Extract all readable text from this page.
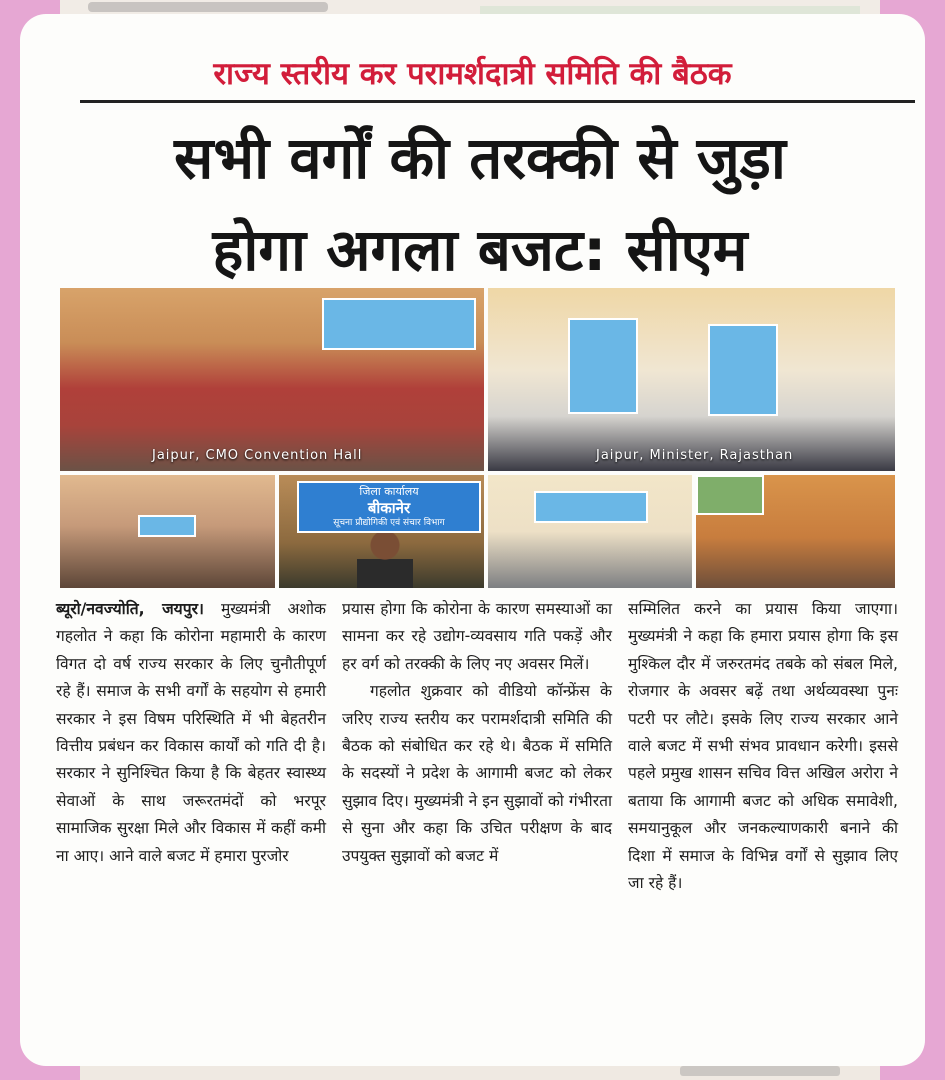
राज्य स्तरीय कर परामर्शदात्री समिति की बैठक
सभी वर्गों की तरक्की से जुड़ा
होगा अगला बजट: सीएम
Jaipur, CMO Convention Hall	Jaipur, Minister, Rajasthan
जिला कार्यालय
बीकानेर
सूचना प्रौद्योगिकी एवं संचार विभाग

ब्यूरो/नवज्योति, जयपुर। मुख्यमंत्री अशोक गहलोत ने कहा कि कोरोना महामारी के कारण विगत दो वर्ष राज्य सरकार के लिए चुनौतीपूर्ण रहे हैं। समाज के सभी वर्गों के सहयोग से हमारी सरकार ने इस विषम परिस्थिति में भी बेहतरीन वित्तीय प्रबंधन कर विकास कार्यों को गति दी है। सरकार ने सुनिश्चित किया है कि बेहतर स्वास्थ्य सेवाओं के साथ जरूरतमंदों को भरपूर सामाजिक सुरक्षा मिले और विकास में कहीं कमी ना आए। आने वाले बजट में हमारा पुरजोर

प्रयास होगा कि कोरोना के कारण समस्याओं का सामना कर रहे उद्योग-व्यवसाय गति पकड़ें और हर वर्ग को तरक्की के लिए नए अवसर मिलें।

गहलोत शुक्रवार को वीडियो कॉन्फ्रेंस के जरिए राज्य स्तरीय कर परामर्शदात्री समिति की बैठक को संबोधित कर रहे थे। बैठक में समिति के सदस्यों ने प्रदेश के आगामी बजट को लेकर सुझाव दिए। मुख्यमंत्री ने इन सुझावों को गंभीरता से सुना और कहा कि उचित परीक्षण के बाद उपयुक्त सुझावों को बजट में

सम्मिलित करने का प्रयास किया जाएगा। मुख्यमंत्री ने कहा कि हमारा प्रयास होगा कि इस मुश्किल दौर में जरुरतमंद तबके को संबल मिले, रोजगार के अवसर बढ़ें तथा अर्थव्यवस्था पुनः पटरी पर लौटे। इसके लिए राज्य सरकार आने वाले बजट में सभी संभव प्रावधान करेगी। इससे पहले प्रमुख शासन सचिव वित्त अखिल अरोरा ने बताया कि आगामी बजट को अधिक समावेशी, समयानुकूल और जनकल्याणकारी बनाने की दिशा में समाज के विभिन्न वर्गों से सुझाव लिए जा रहे हैं।
